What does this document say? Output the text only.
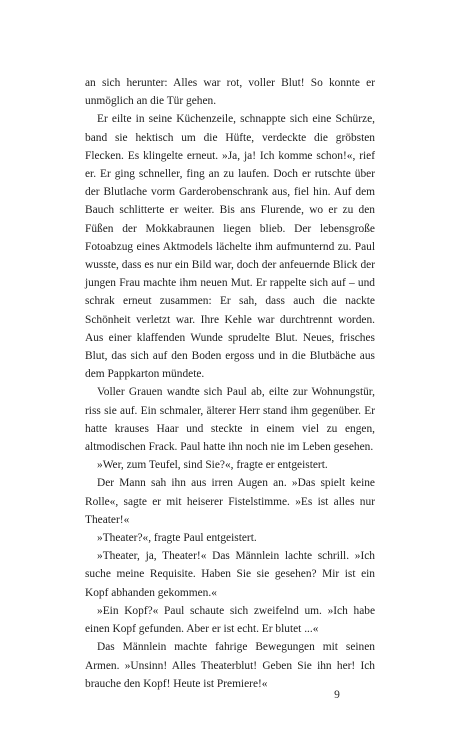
an sich herunter: Alles war rot, voller Blut! So konnte er unmöglich an die Tür gehen.

Er eilte in seine Küchenzeile, schnappte sich eine Schürze, band sie hektisch um die Hüfte, verdeckte die gröbsten Flecken. Es klingelte erneut. »Ja, ja! Ich komme schon!«, rief er. Er ging schneller, fing an zu laufen. Doch er rutschte über der Blutlache vorm Garderobenschrank aus, fiel hin. Auf dem Bauch schlitterte er weiter. Bis ans Flurende, wo er zu den Füßen der Mokkabraunen liegen blieb. Der lebensgroße Fotoabzug eines Aktmodels lächelte ihm aufmunternd zu. Paul wusste, dass es nur ein Bild war, doch der anfeuernde Blick der jungen Frau machte ihm neuen Mut. Er rappelte sich auf – und schrak erneut zusammen: Er sah, dass auch die nackte Schönheit verletzt war. Ihre Kehle war durchtrennt worden. Aus einer klaffenden Wunde sprudelte Blut. Neues, frisches Blut, das sich auf den Boden ergoss und in die Blutbäche aus dem Pappkarton mündete.

Voller Grauen wandte sich Paul ab, eilte zur Wohnungstür, riss sie auf. Ein schmaler, älterer Herr stand ihm gegenüber. Er hatte krauses Haar und steckte in einem viel zu engen, altmodischen Frack. Paul hatte ihn noch nie im Leben gesehen.

»Wer, zum Teufel, sind Sie?«, fragte er entgeistert.

Der Mann sah ihn aus irren Augen an. »Das spielt keine Rolle«, sagte er mit heiserer Fistelstimme. »Es ist alles nur Theater!«

»Theater?«, fragte Paul entgeistert.

»Theater, ja, Theater!« Das Männlein lachte schrill. »Ich suche meine Requisite. Haben Sie sie gesehen? Mir ist ein Kopf abhanden gekommen.«

»Ein Kopf?« Paul schaute sich zweifelnd um. »Ich habe einen Kopf gefunden. Aber er ist echt. Er blutet ...«

Das Männlein machte fahrige Bewegungen mit seinen Armen. »Unsinn! Alles Theaterblut! Geben Sie ihn her! Ich brauche den Kopf! Heute ist Premiere!«

9
